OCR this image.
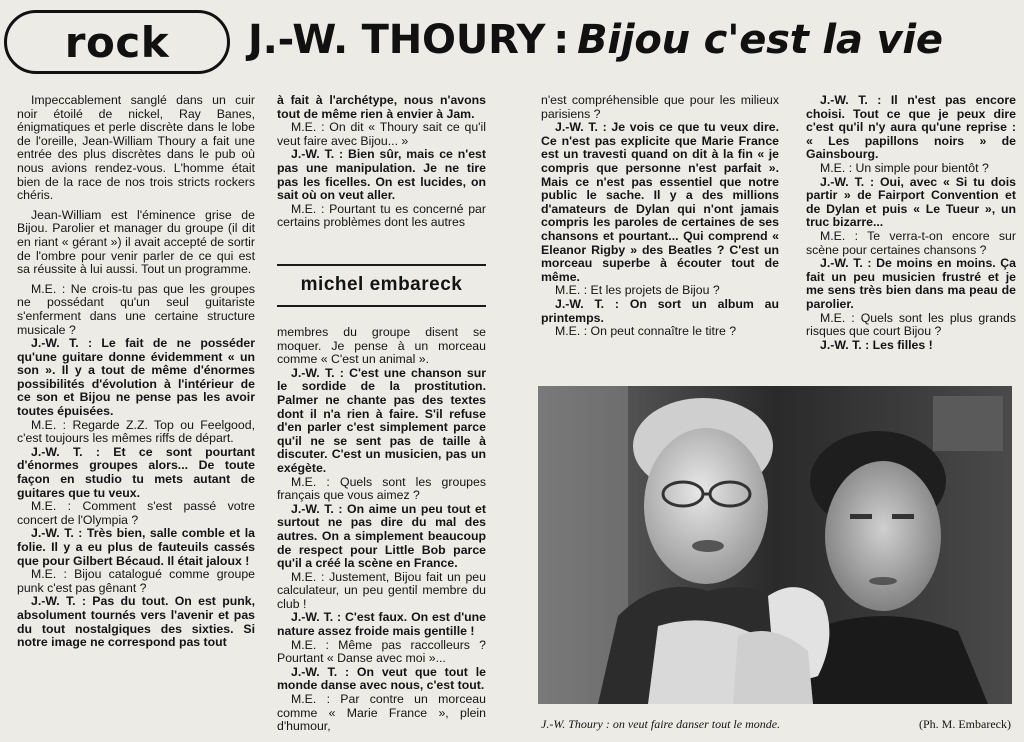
rock	J.-W. THOURY : Bijou c'est la vie

Impeccablement sanglé dans un cuir noir étoilé de nickel, Ray Banes, énigmatiques et perle discrète dans le lobe de l'oreille, Jean-William Thoury a fait une entrée des plus discrètes dans le pub où nous avions rendez-vous. L'homme était bien de la race de nos trois stricts rockers chéris.

Jean-William est l'éminence grise de Bijou. Parolier et manager du groupe (il dit en riant « gérant ») il avait accepté de sortir de l'ombre pour venir parler de ce qui est sa réussite à lui aussi. Tout un programme.

M.E. : Ne crois-tu pas que les groupes ne possédant qu'un seul guitariste s'enferment dans une certaine structure musicale ?

J.-W. T. : Le fait de ne posséder qu'une guitare donne évidemment « un son ». Il y a tout de même d'énormes possibilités d'évolution à l'intérieur de ce son et Bijou ne pense pas les avoir toutes épuisées.

M.E. : Regarde Z.Z. Top ou Feelgood, c'est toujours les mêmes riffs de départ.

J.-W. T. : Et ce sont pourtant d'énormes groupes alors... De toute façon en studio tu mets autant de guitares que tu veux.

M.E. : Comment s'est passé votre concert de l'Olympia ?

J.-W. T. : Très bien, salle comble et la folie. Il y a eu plus de fauteuils cassés que pour Gilbert Bécaud. Il était jaloux !

M.E. : Bijou catalogué comme groupe punk c'est pas gênant ?

J.-W. T. : Pas du tout. On est punk, absolument tournés vers l'avenir et pas du tout nostalgiques des sixties. Si notre image ne correspond pas tout

à fait à l'archétype, nous n'avons tout de même rien à envier à Jam.

M.E. : On dit « Thoury sait ce qu'il veut faire avec Bijou... »

J.-W. T. : Bien sûr, mais ce n'est pas une manipulation. Je ne tire pas les ficelles. On est lucides, on sait où on veut aller.

M.E. : Pourtant tu es concerné par certains problèmes dont les autres

michel embareck

membres du groupe disent se moquer. Je pense à un morceau comme « C'est un animal ».

J.-W. T. : C'est une chanson sur le sordide de la prostitution. Palmer ne chante pas des textes dont il n'a rien à faire. S'il refuse d'en parler c'est simplement parce qu'il ne se sent pas de taille à discuter. C'est un musicien, pas un exégète.

M.E. : Quels sont les groupes français que vous aimez ?

J.-W. T. : On aime un peu tout et surtout ne pas dire du mal des autres. On a simplement beaucoup de respect pour Little Bob parce qu'il a créé la scène en France.

M.E. : Justement, Bijou fait un peu calculateur, un peu gentil membre du club !

J.-W. T. : C'est faux. On est d'une nature assez froide mais gentille !

M.E. : Même pas raccolleurs ? Pourtant « Danse avec moi »...

J.-W. T. : On veut que tout le monde danse avec nous, c'est tout.

M.E. : Par contre un morceau comme « Marie France », plein d'humour,

n'est compréhensible que pour les milieux parisiens ?

J.-W. T. : Je vois ce que tu veux dire. Ce n'est pas explicite que Marie France est un travesti quand on dit à la fin « je compris que personne n'est parfait ». Mais ce n'est pas essentiel que notre public le sache. Il y a des millions d'amateurs de Dylan qui n'ont jamais compris les paroles de certaines de ses chansons et pourtant... Qui comprend « Eleanor Rigby » des Beatles ? C'est un morceau superbe à écouter tout de même.

M.E. : Et les projets de Bijou ?

J.-W. T. : On sort un album au printemps.

M.E. : On peut connaître le titre ?

J.-W. T. : Il n'est pas encore choisi. Tout ce que je peux dire c'est qu'il n'y aura qu'une reprise : « Les papillons noirs » de Gainsbourg.

M.E. : Un simple pour bientôt ?

J.-W. T. : Oui, avec « Si tu dois partir » de Fairport Convention et de Dylan et puis « Le Tueur », un truc bizarre...

M.E. : Te verra-t-on encore sur scène pour certaines chansons ?

J.-W. T. : De moins en moins. Ça fait un peu musicien frustré et je me sens très bien dans ma peau de parolier.

M.E. : Quels sont les plus grands risques que court Bijou ?

J.-W. T. : Les filles !

J.-W. Thoury : on veut faire danser tout le monde.	(Ph. M. Embareck)
